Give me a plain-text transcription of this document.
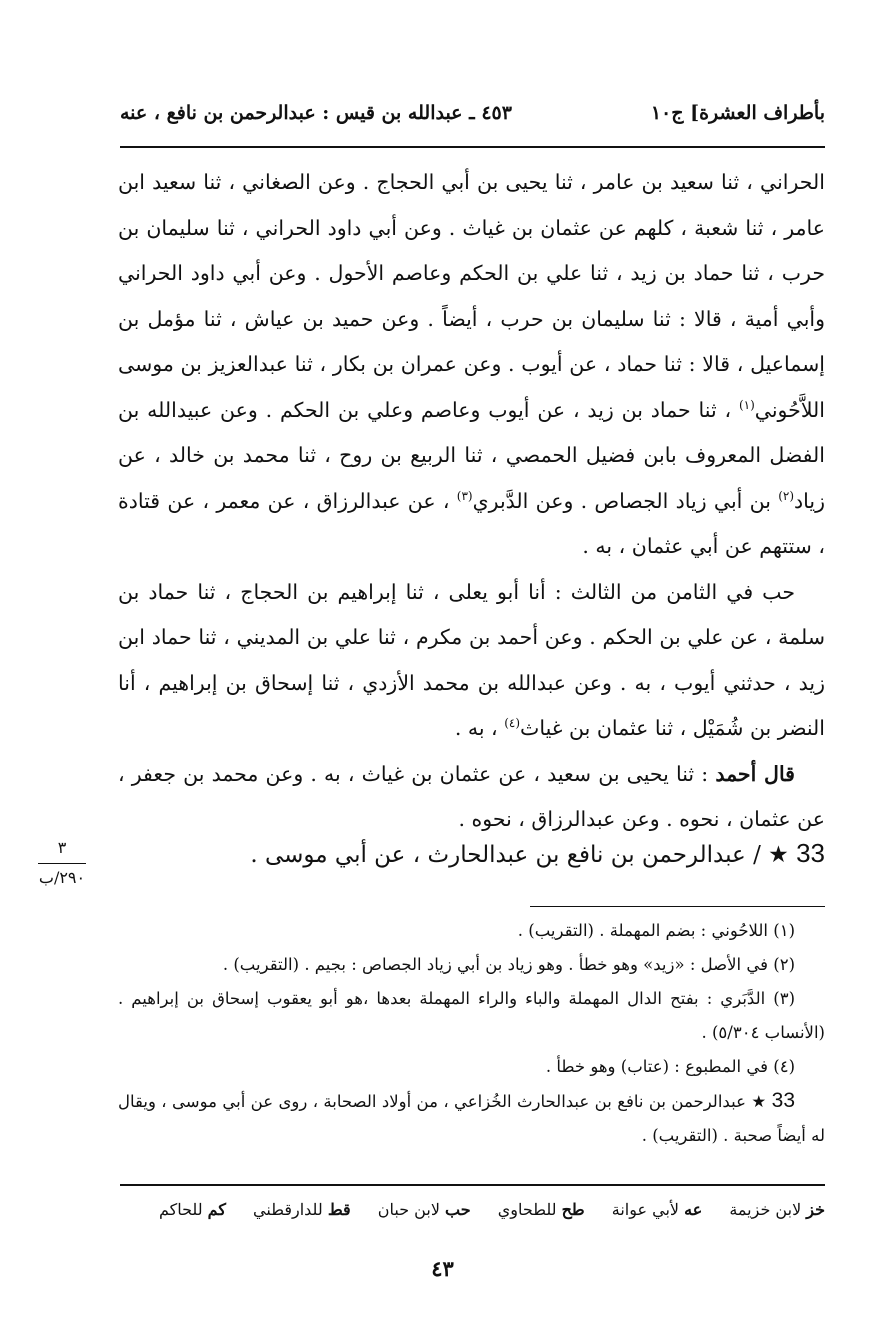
بأطراف العشرة] ج١٠
٤٥٣ ـ عبدالله بن قيس : عبدالرحمن بن نافع ، عنه

الحراني ، ثنا سعيد بن عامر ، ثنا يحيى بن أبي الحجاج . وعن الصغاني ، ثنا سعيد ابن عامر ، ثنا شعبة ، كلهم عن عثمان بن غياث . وعن أبي داود الحراني ، ثنا سليمان بن حرب ، ثنا حماد بن زيد ، ثنا علي بن الحكم وعاصم الأحول . وعن أبي داود الحراني وأبي أمية ، قالا : ثنا سليمان بن حرب ، أيضاً . وعن حميد بن عياش ، ثنا مؤمل بن إسماعيل ، قالا : ثنا حماد ، عن أيوب . وعن عمران بن بكار ، ثنا عبدالعزيز بن موسى اللاَّحُوني$^{(١)}$ ، ثنا حماد بن زيد ، عن أيوب وعاصم وعلي بن الحكم . وعن عبيدالله بن الفضل المعروف بابن فضيل الحمصي ، ثنا الربيع بن روح ، ثنا محمد بن خالد ، عن زياد$^{(٢)}$ بن أبي زياد الجصاص . وعن الدَّبري$^{(٣)}$ ، عن عبدالرزاق ، عن معمر ، عن قتادة ، ستتهم عن أبي عثمان ، به .

حب في الثامن من الثالث : أنا أبو يعلى ، ثنا إبراهيم بن الحجاج ، ثنا حماد بن سلمة ، عن علي بن الحكم . وعن أحمد بن مكرم ، ثنا علي بن المديني ، ثنا حماد ابن زيد ، حدثني أيوب ، به . وعن عبدالله بن محمد الأزدي ، ثنا إسحاق بن إبراهيم ، أنا النضر بن شُمَيْل ، ثنا عثمان بن غياث$^{(٤)}$ ، به .

قال أحمد : ثنا يحيى بن سعيد ، عن عثمان بن غياث ، به . وعن محمد بن جعفر ، عن عثمان ، نحوه . وعن عبدالرزاق ، نحوه .

33 ★ / عبدالرحمن بن نافع بن عبدالحارث ، عن أبي موسى .
٣
٢٩٠/ب

(١) اللاحُوني : بضم المهملة . (التقريب) .

(٢) في الأصل : «زيد» وهو خطأ . وهو زياد بن أبي زياد الجصاص : بجيم . (التقريب) .

(٣) الدَّبَري : بفتح الدال المهملة والباء والراء المهملة بعدها ،هو أبو يعقوب إسحاق بن إبراهيم . (الأنساب ٥/٣٠٤) .

(٤) في المطبوع : (عتاب) وهو خطأ .

33 ★ عبدالرحمن بن نافع بن عبدالحارث الخُزاعي ، من أولاد الصحابة ، روى عن أبي موسى ، ويقال له أيضاً صحبة . (التقريب) .

خز لابن خزيمة عه لأبي عوانة طح للطحاوي حب لابن حبان قط للدارقطني كم للحاكم
٤٣
